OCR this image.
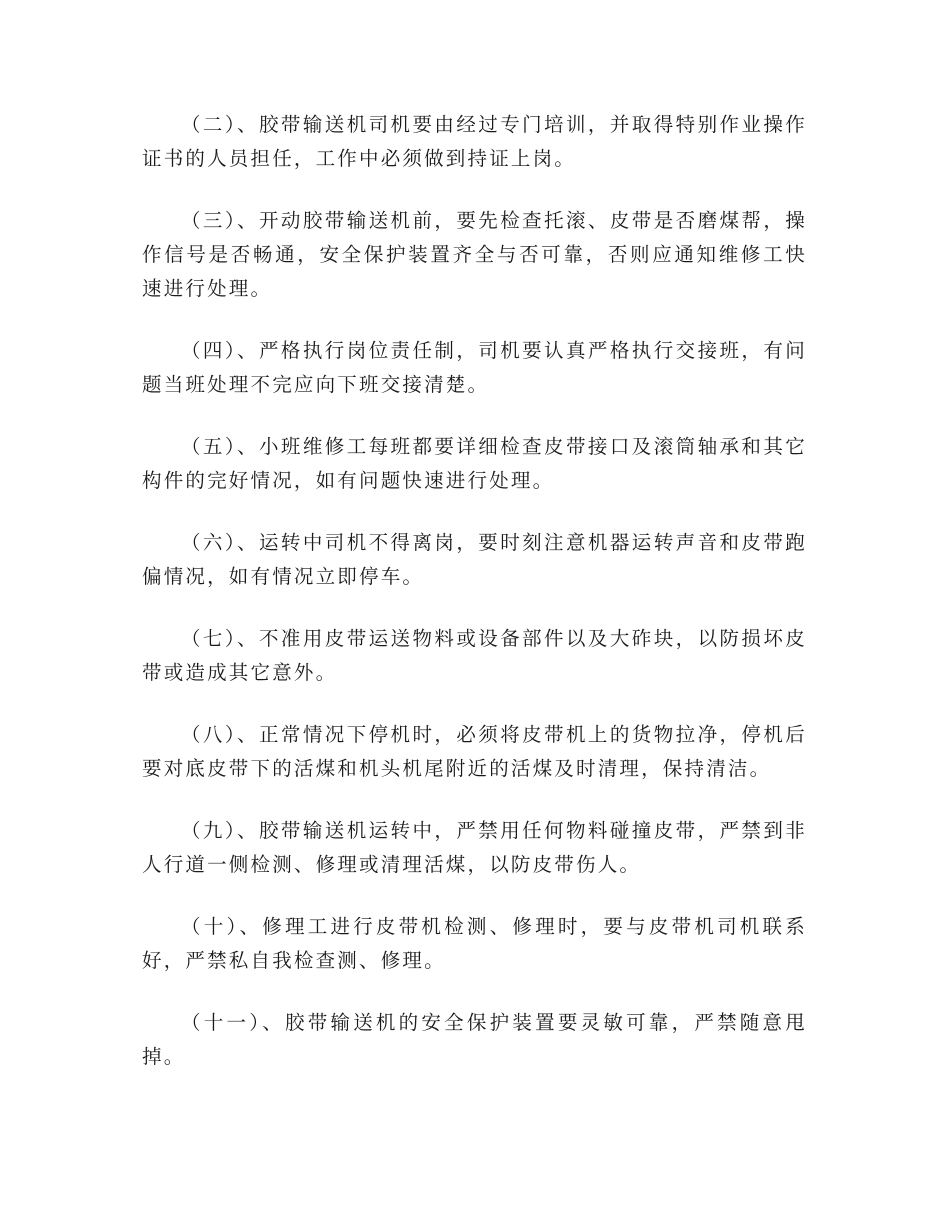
（二）、胶带输送机司机要由经过专门培训，并取得特别作业操作证书的人员担任，工作中必须做到持证上岗。

（三）、开动胶带输送机前，要先检查托滚、皮带是否磨煤帮，操作信号是否畅通，安全保护装置齐全与否可靠，否则应通知维修工快速进行处理。

（四）、严格执行岗位责任制，司机要认真严格执行交接班，有问题当班处理不完应向下班交接清楚。

（五）、小班维修工每班都要详细检查皮带接口及滚筒轴承和其它构件的完好情况，如有问题快速进行处理。

（六）、运转中司机不得离岗，要时刻注意机器运转声音和皮带跑偏情况，如有情况立即停车。

（七）、不准用皮带运送物料或设备部件以及大砟块，以防损坏皮带或造成其它意外。

（八）、正常情况下停机时，必须将皮带机上的货物拉净，停机后要对底皮带下的活煤和机头机尾附近的活煤及时清理，保持清洁。

（九）、胶带输送机运转中，严禁用任何物料碰撞皮带，严禁到非人行道一侧检测、修理或清理活煤，以防皮带伤人。

（十）、修理工进行皮带机检测、修理时，要与皮带机司机联系好，严禁私自我检查测、修理。

（十一）、胶带输送机的安全保护装置要灵敏可靠，严禁随意甩掉。
